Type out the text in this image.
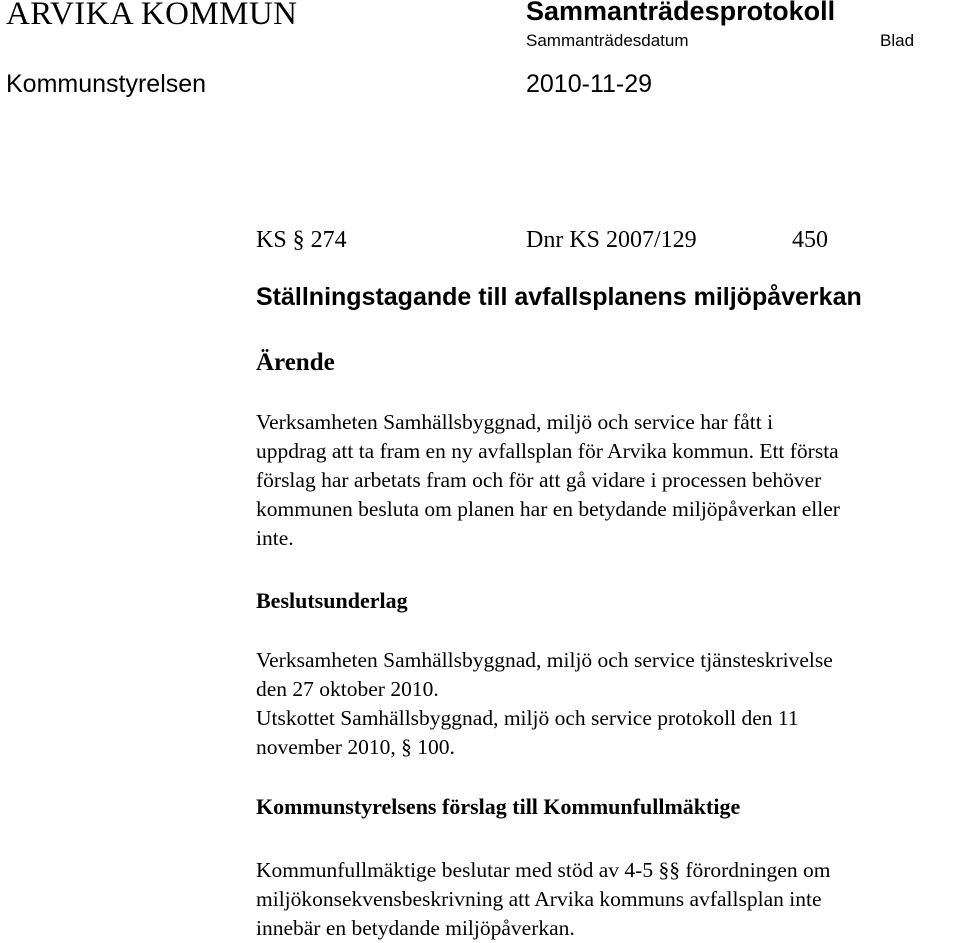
ARVIKA KOMMUN	Sammanträdesprotokoll
Sammanträdesdatum	Blad
Kommunstyrelsen	2010-11-29
KS § 274	Dnr KS 2007/129	450
Ställningstagande till avfallsplanens miljöpåverkan
Ärende
Verksamheten Samhällsbyggnad, miljö och service har fått i
uppdrag att ta fram en ny avfallsplan för Arvika kommun. Ett första
förslag har arbetats fram och för att gå vidare i processen behöver
kommunen besluta om planen har en betydande miljöpåverkan eller
inte.
Beslutsunderlag
Verksamheten Samhällsbyggnad, miljö och service tjänsteskrivelse
den 27 oktober 2010.
Utskottet Samhällsbyggnad, miljö och service protokoll den 11
november 2010, § 100.
Kommunstyrelsens förslag till Kommunfullmäktige
Kommunfullmäktige beslutar med stöd av 4-5 §§ förordningen om
miljökonsekvensbeskrivning att Arvika kommuns avfallsplan inte
innebär en betydande miljöpåverkan.
